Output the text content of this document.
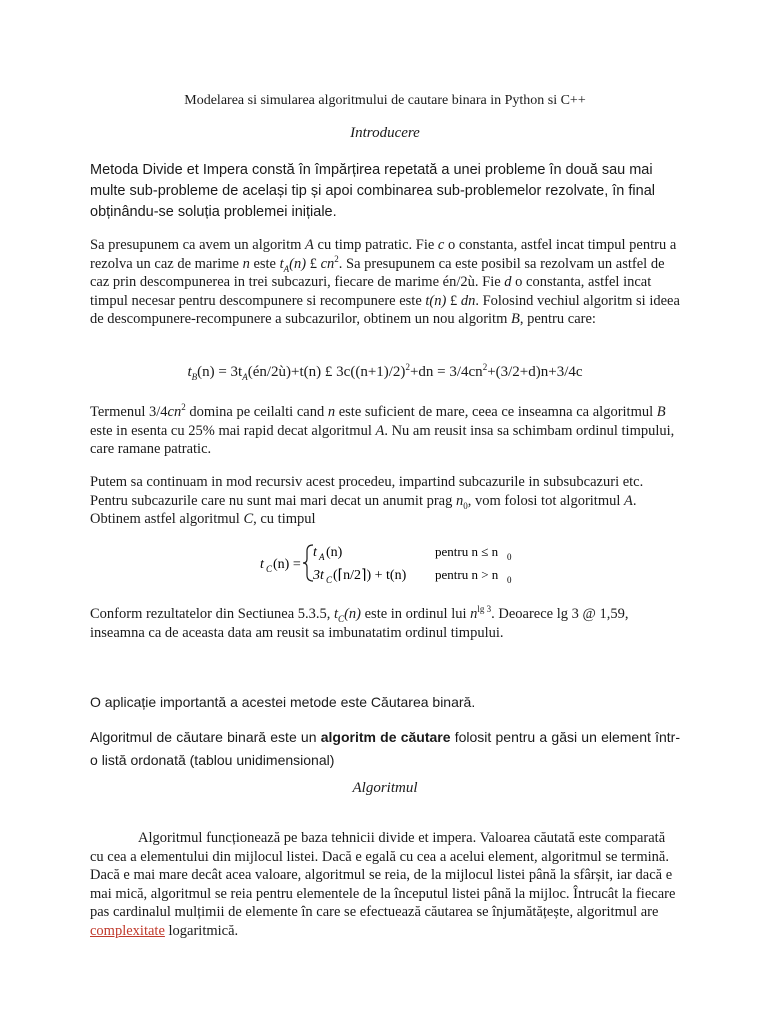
Modelarea si simularea algoritmului de cautare binara in Python si C++

Introducere

Metoda Divide et Impera constă în împărțirea repetată a unei probleme în două sau mai multe sub-probleme de același tip și apoi combinarea sub-problemelor rezolvate, în final obținându-se soluția problemei inițiale.

Sa presupunem ca avem un algoritm A cu timp patratic. Fie c o constanta, astfel incat timpul pentru a rezolva un caz de marime n este $t_A(n)$ £ $cn^2$. Sa presupunem ca este posibil sa rezolvam un astfel de caz prin descompunerea in trei subcazuri, fiecare de marime én/2ù. Fie d o constanta, astfel incat timpul necesar pentru descompunere si recompunere este t(n) £ dn. Folosind vechiul algoritm si ideea de descompunere-recompunere a subcazurilor, obtinem un nou algoritm B, pentru care:

$t_B(n)$ = $3t_A(én/2ù)+t(n)$ £ $3c((n+1)/2)^2+dn = 3/4cn^2+(3/2+d)n+3/4c$

Termenul $3/4cn^2$ domina pe ceilalti cand n este suficient de mare, ceea ce inseamna ca algoritmul B este in esenta cu 25% mai rapid decat algoritmul A. Nu am reusit insa sa schimbam ordinul timpului, care ramane patratic.

Putem sa continuam in mod recursiv acest procedeu, impartind subcazurile in subsubcazuri etc. Pentru subcazurile care nu sunt mai mari decat un anumit prag $n_0$, vom folosi tot algoritmul A. Obtinem astfel algoritmul C, cu timpul

t C (n) =
t A (n)
3t C (⌈n/2⌉) + t(n)
pentru n ≤ n 0
pentru n > n 0

Conform rezultatelor din Sectiunea 5.3.5, $t_C(n)$ este in ordinul lui $n^{lg 3}$. Deoarece lg 3 @ 1,59, inseamna ca de aceasta data am reusit sa imbunatatim ordinul timpului.

O aplicație importantă a acestei metode este Căutarea binară.

Algoritmul de căutare binară este un algoritm de căutare folosit pentru a găsi un element într-o listă ordonată (tablou unidimensional)

Algoritmul

Algoritmul funcționează pe baza tehnicii divide et impera. Valoarea căutată este comparată cu cea a elementului din mijlocul listei. Dacă e egală cu cea a acelui element, algoritmul se termină. Dacă e mai mare decât acea valoare, algoritmul se reia, de la mijlocul listei până la sfârșit, iar dacă e mai mică, algoritmul se reia pentru elementele de la începutul listei până la mijloc. Întrucât la fiecare pas cardinalul mulțimii de elemente în care se efectuează căutarea se înjumătățește, algoritmul are complexitate logaritmică.
